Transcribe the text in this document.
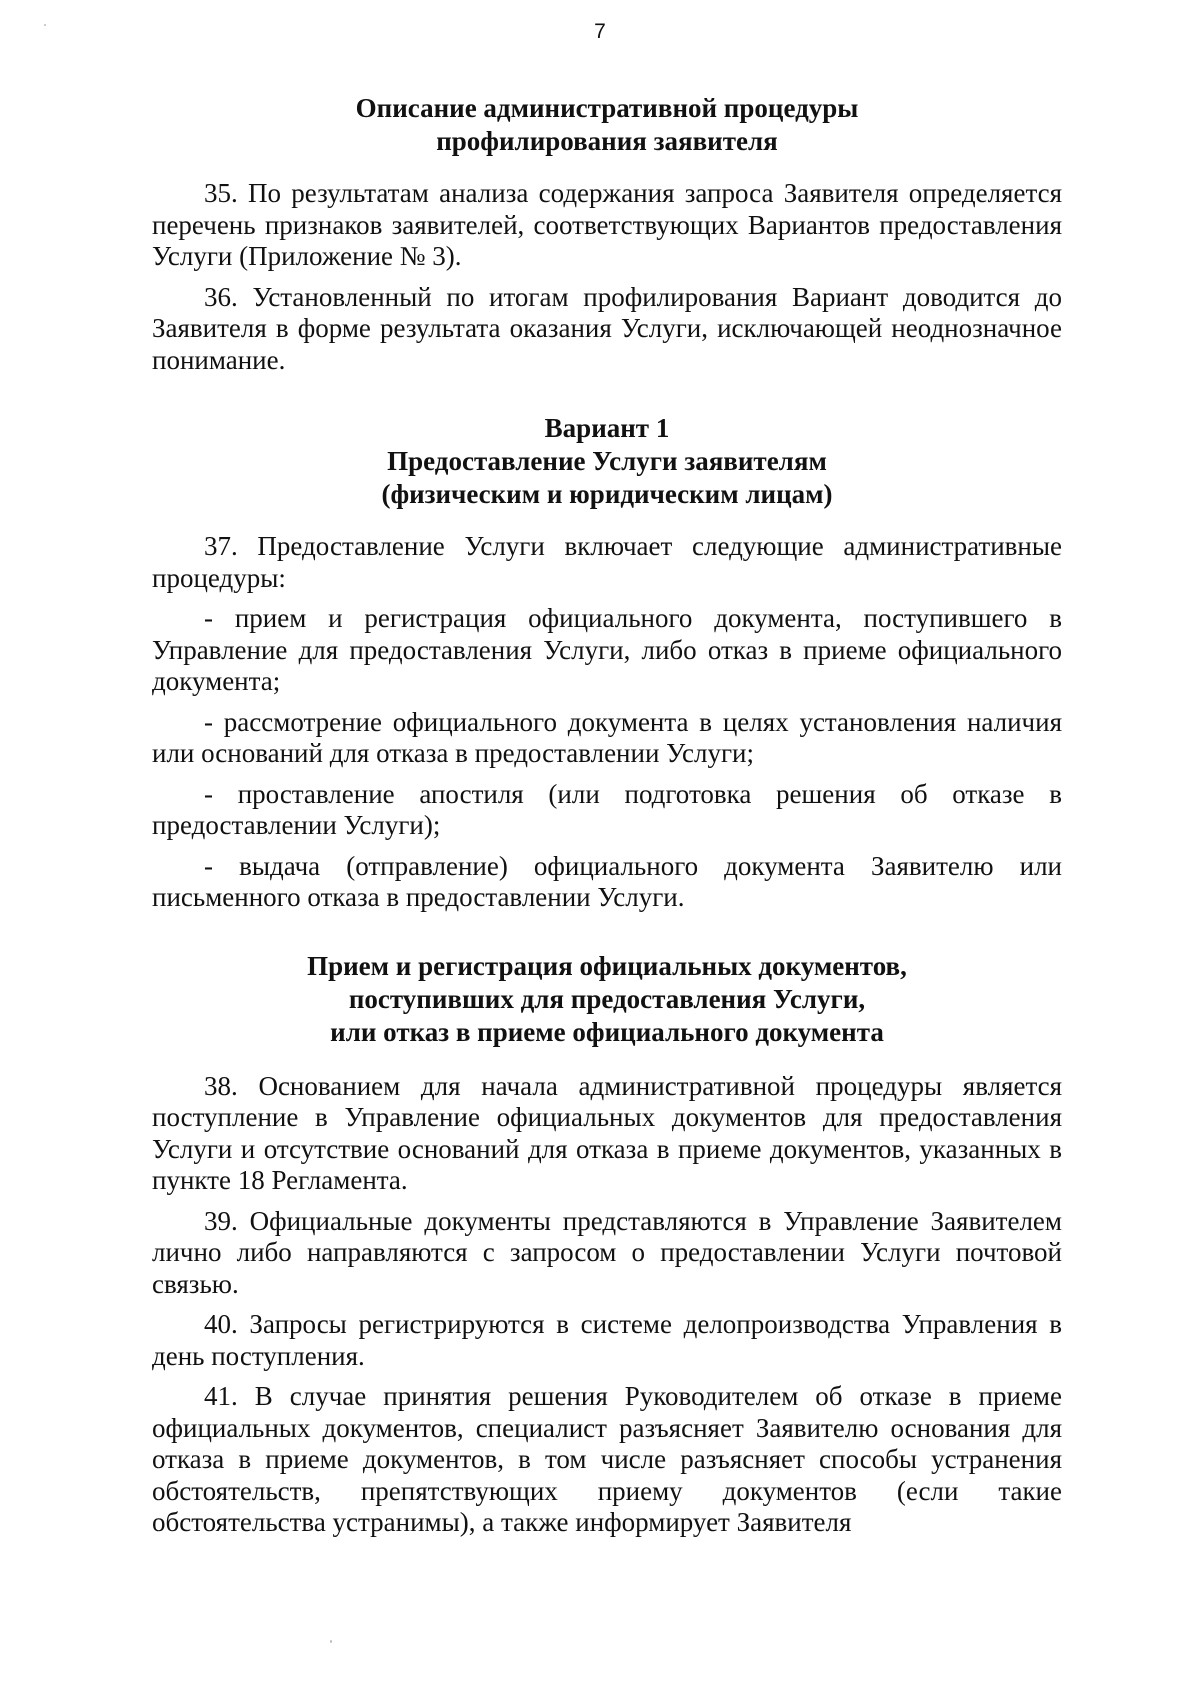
7
Описание административной процедуры
профилирования заявителя

35. По результатам анализа содержания запроса Заявителя определяется перечень признаков заявителей, соответствующих Вариантов предоставления Услуги (Приложение № 3).

36. Установленный по итогам профилирования Вариант доводится до Заявителя в форме результата оказания Услуги, исключающей неоднозначное понимание.

Вариант 1
Предоставление Услуги заявителям
(физическим и юридическим лицам)

37. Предоставление Услуги включает следующие административные процедуры:

- прием и регистрация официального документа, поступившего в Управление для предоставления Услуги, либо отказ в приеме официального документа;

- рассмотрение официального документа в целях установления наличия или оснований для отказа в предоставлении Услуги;

- проставление апостиля (или подготовка решения об отказе в предоставлении Услуги);

- выдача (отправление) официального документа Заявителю или письменного отказа в предоставлении Услуги.

Прием и регистрация официальных документов,
поступивших для предоставления Услуги,
или отказ в приеме официального документа

38. Основанием для начала административной процедуры является поступление в Управление официальных документов для предоставления Услуги и отсутствие оснований для отказа в приеме документов, указанных в пункте 18 Регламента.

39. Официальные документы представляются в Управление Заявителем лично либо направляются с запросом о предоставлении Услуги почтовой связью.

40. Запросы регистрируются в системе делопроизводства Управления в день поступления.

41. В случае принятия решения Руководителем об отказе в приеме официальных документов, специалист разъясняет Заявителю основания для отказа в приеме документов, в том числе разъясняет способы устранения обстоятельств, препятствующих приему документов (если такие обстоятельства устранимы), а также информирует Заявителя
